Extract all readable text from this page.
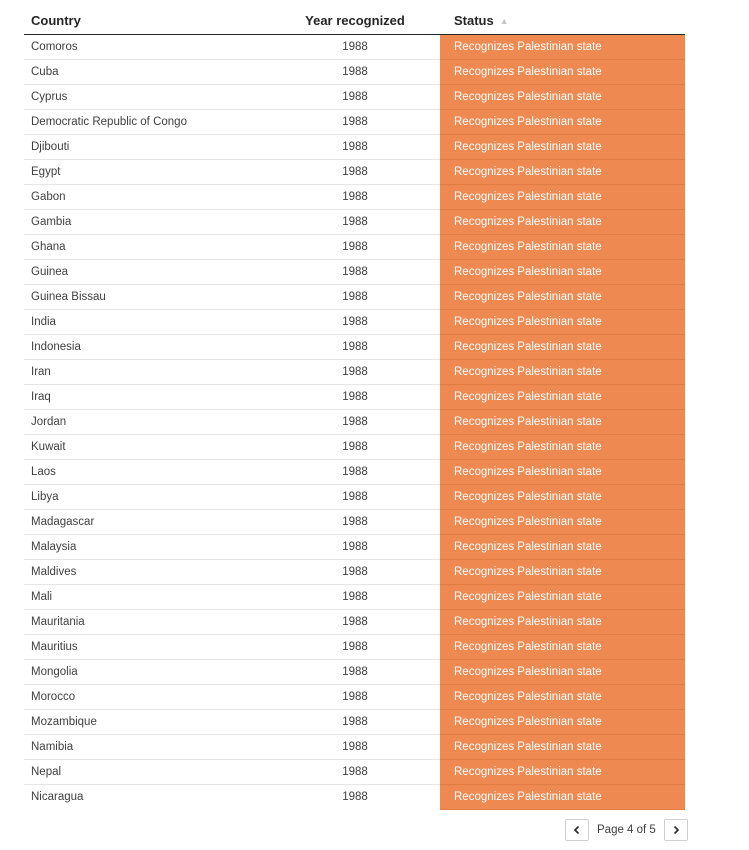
Country	Year recognized	Status ▲
Comoros	1988	Recognizes Palestinian state
Cuba	1988	Recognizes Palestinian state
Cyprus	1988	Recognizes Palestinian state
Democratic Republic of Congo	1988	Recognizes Palestinian state
Djibouti	1988	Recognizes Palestinian state
Egypt	1988	Recognizes Palestinian state
Gabon	1988	Recognizes Palestinian state
Gambia	1988	Recognizes Palestinian state
Ghana	1988	Recognizes Palestinian state
Guinea	1988	Recognizes Palestinian state
Guinea Bissau	1988	Recognizes Palestinian state
India	1988	Recognizes Palestinian state
Indonesia	1988	Recognizes Palestinian state
Iran	1988	Recognizes Palestinian state
Iraq	1988	Recognizes Palestinian state
Jordan	1988	Recognizes Palestinian state
Kuwait	1988	Recognizes Palestinian state
Laos	1988	Recognizes Palestinian state
Libya	1988	Recognizes Palestinian state
Madagascar	1988	Recognizes Palestinian state
Malaysia	1988	Recognizes Palestinian state
Maldives	1988	Recognizes Palestinian state
Mali	1988	Recognizes Palestinian state
Mauritania	1988	Recognizes Palestinian state
Mauritius	1988	Recognizes Palestinian state
Mongolia	1988	Recognizes Palestinian state
Morocco	1988	Recognizes Palestinian state
Mozambique	1988	Recognizes Palestinian state
Namibia	1988	Recognizes Palestinian state
Nepal	1988	Recognizes Palestinian state
Nicaragua	1988	Recognizes Palestinian state
Page 4 of 5
